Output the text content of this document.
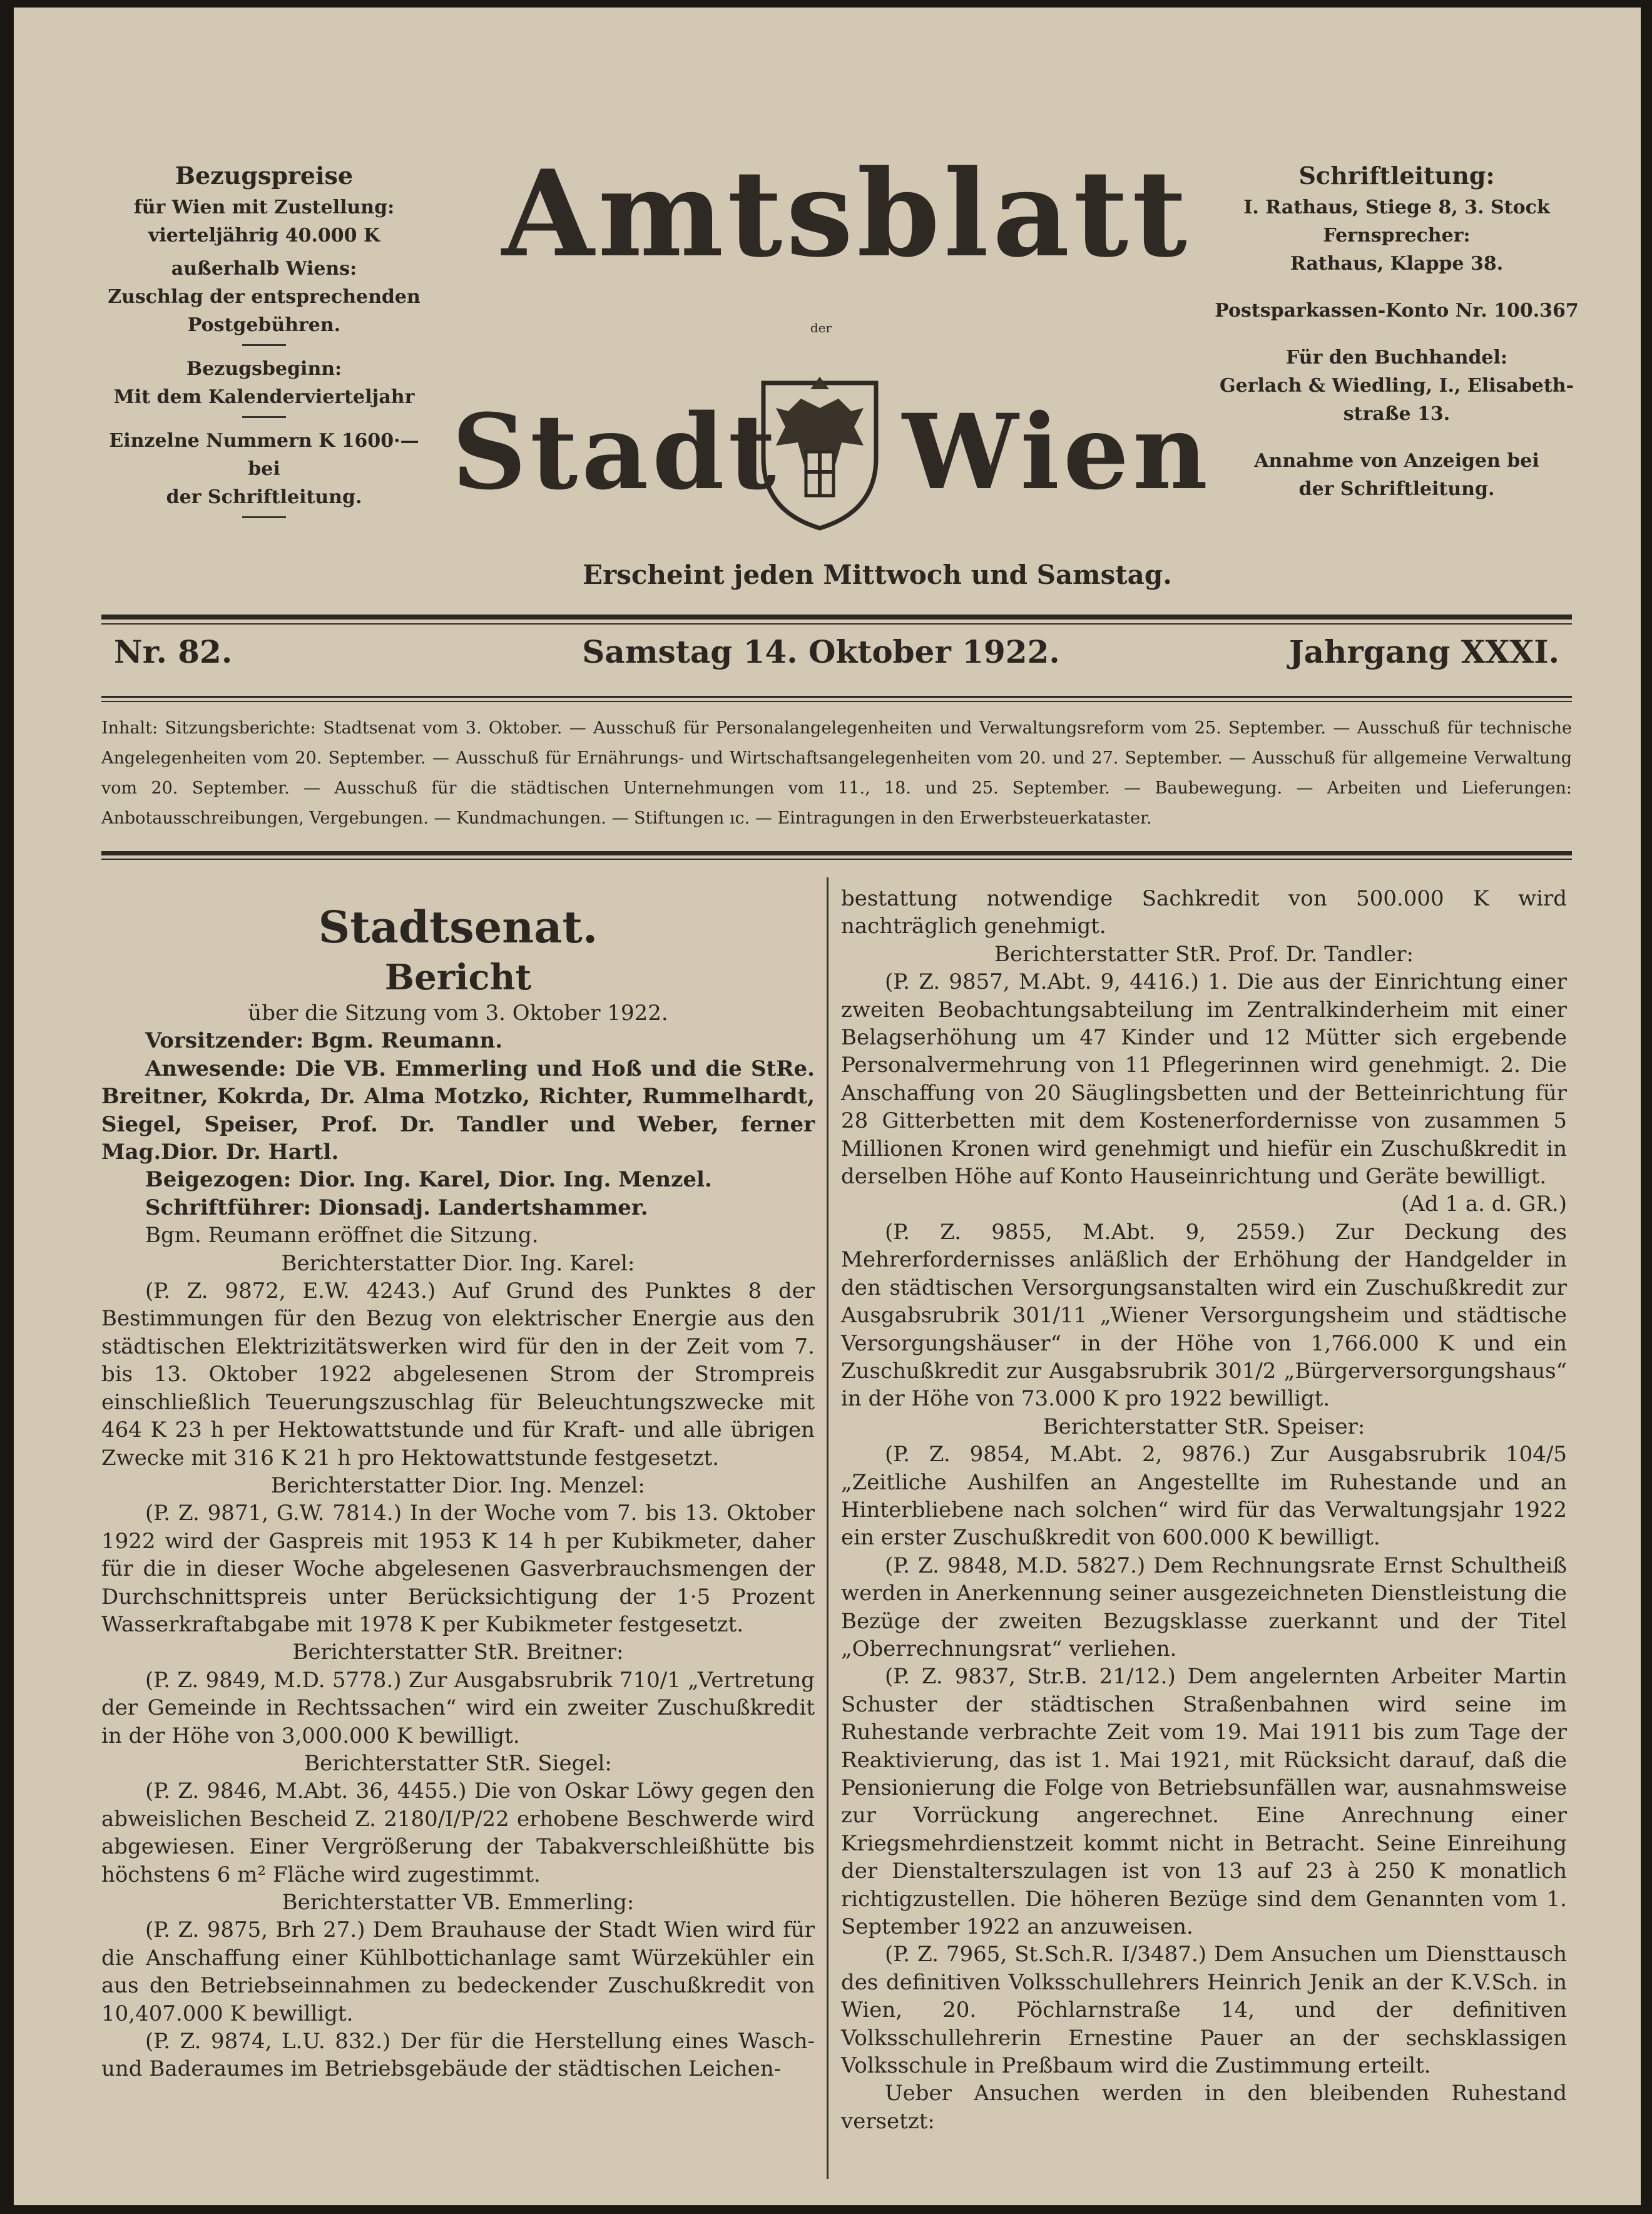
Bezugspreise
für Wien mit Zustellung:
vierteljährig 40.000 K
außerhalb Wiens:
Zuschlag der entsprechenden
Postgebühren.
Bezugsbeginn:
Mit dem Kalendervierteljahr
Einzelne Nummern K 1600·— bei
der Schriftleitung.
Amtsblatt
der
Stadt Wien
Erscheint jeden Mittwoch und Samstag.
Schriftleitung:
I. Rathaus, Stiege 8, 3. Stock
Fernsprecher:
Rathaus, Klappe 38.
Postsparkassen-Konto Nr. 100.367
Für den Buchhandel:
Gerlach & Wiedling, I., Elisabeth-
straße 13.
Annahme von Anzeigen bei
der Schriftleitung.
Nr. 82.	Samstag 14. Oktober 1922.	Jahrgang XXXI.
Inhalt: Sitzungsberichte: Stadtsenat vom 3. Oktober. — Ausschuß für Personalangelegenheiten und Verwaltungsreform vom 25. September. — Ausschuß für technische Angelegenheiten vom 20. September. — Ausschuß für Ernährungs- und Wirtschaftsangelegenheiten vom 20. und 27. September. — Ausschuß für allgemeine Verwaltung vom 20. September. — Ausschuß für die städtischen Unternehmungen vom 11., 18. und 25. September. — Baubewegung. — Arbeiten und Lieferungen: Anbotausschreibungen, Vergebungen. — Kundmachungen. — Stiftungen ıc. — Eintragungen in den Erwerbsteuerkataster.

Stadtsenat.

Bericht

über die Sitzung vom 3. Oktober 1922.

Vorsitzender: Bgm. Reumann.

Anwesende: Die VB. Emmerling und Hoß und die StRe. Breitner, Kokrda, Dr. Alma Motzko, Richter, Rummelhardt, Siegel, Speiser, Prof. Dr. Tandler und Weber, ferner Mag.Dior. Dr. Hartl.

Beigezogen: Dior. Ing. Karel, Dior. Ing. Menzel.

Schriftführer: Dionsadj. Landertshammer.

Bgm. Reumann eröffnet die Sitzung.

Berichterstatter Dior. Ing. Karel:

(P. Z. 9872, E.W. 4243.) Auf Grund des Punktes 8 der Bestimmungen für den Bezug von elektrischer Energie aus den städtischen Elektrizitätswerken wird für den in der Zeit vom 7. bis 13. Oktober 1922 abgelesenen Strom der Strompreis einschließlich Teuerungszuschlag für Beleuchtungszwecke mit 464 K 23 h per Hektowattstunde und für Kraft- und alle übrigen Zwecke mit 316 K 21 h pro Hektowattstunde festgesetzt.

Berichterstatter Dior. Ing. Menzel:

(P. Z. 9871, G.W. 7814.) In der Woche vom 7. bis 13. Oktober 1922 wird der Gaspreis mit 1953 K 14 h per Kubikmeter, daher für die in dieser Woche abgelesenen Gasverbrauchsmengen der Durchschnittspreis unter Berücksichtigung der 1·5 Prozent Wasserkraftabgabe mit 1978 K per Kubikmeter festgesetzt.

Berichterstatter StR. Breitner:

(P. Z. 9849, M.D. 5778.) Zur Ausgabsrubrik 710/1 „Vertretung der Gemeinde in Rechtssachen“ wird ein zweiter Zuschußkredit in der Höhe von 3,000.000 K bewilligt.

Berichterstatter StR. Siegel:

(P. Z. 9846, M.Abt. 36, 4455.) Die von Oskar Löwy gegen den abweislichen Bescheid Z. 2180/I/P/22 erhobene Beschwerde wird abgewiesen. Einer Vergrößerung der Tabakverschleißhütte bis höchstens 6 m² Fläche wird zugestimmt.

Berichterstatter VB. Emmerling:

(P. Z. 9875, Brh 27.) Dem Brauhause der Stadt Wien wird für die Anschaffung einer Kühlbottichanlage samt Würzekühler ein aus den Betriebseinnahmen zu bedeckender Zuschußkredit von 10,407.000 K bewilligt.

(P. Z. 9874, L.U. 832.) Der für die Herstellung eines Wasch- und Baderaumes im Betriebsgebäude der städtischen Leichen-

bestattung notwendige Sachkredit von 500.000 K wird nachträglich genehmigt.

Berichterstatter StR. Prof. Dr. Tandler:

(P. Z. 9857, M.Abt. 9, 4416.) 1. Die aus der Einrichtung einer zweiten Beobachtungsabteilung im Zentralkinderheim mit einer Belagserhöhung um 47 Kinder und 12 Mütter sich ergebende Personalvermehrung von 11 Pflegerinnen wird genehmigt. 2. Die Anschaffung von 20 Säuglingsbetten und der Betteinrichtung für 28 Gitterbetten mit dem Kostenerfordernisse von zusammen 5 Millionen Kronen wird genehmigt und hiefür ein Zuschußkredit in derselben Höhe auf Konto Hauseinrichtung und Geräte bewilligt.

(Ad 1 a. d. GR.)

(P. Z. 9855, M.Abt. 9, 2559.) Zur Deckung des Mehrerfordernisses anläßlich der Erhöhung der Handgelder in den städtischen Versorgungsanstalten wird ein Zuschußkredit zur Ausgabsrubrik 301/11 „Wiener Versorgungsheim und städtische Versorgungshäuser“ in der Höhe von 1,766.000 K und ein Zuschußkredit zur Ausgabsrubrik 301/2 „Bürgerversorgungshaus“ in der Höhe von 73.000 K pro 1922 bewilligt.

Berichterstatter StR. Speiser:

(P. Z. 9854, M.Abt. 2, 9876.) Zur Ausgabsrubrik 104/5 „Zeitliche Aushilfen an Angestellte im Ruhestande und an Hinterbliebene nach solchen“ wird für das Verwaltungsjahr 1922 ein erster Zuschußkredit von 600.000 K bewilligt.

(P. Z. 9848, M.D. 5827.) Dem Rechnungsrate Ernst Schultheiß werden in Anerkennung seiner ausgezeichneten Dienstleistung die Bezüge der zweiten Bezugsklasse zuerkannt und der Titel „Oberrechnungsrat“ verliehen.

(P. Z. 9837, Str.B. 21/12.) Dem angelernten Arbeiter Martin Schuster der städtischen Straßenbahnen wird seine im Ruhestande verbrachte Zeit vom 19. Mai 1911 bis zum Tage der Reaktivierung, das ist 1. Mai 1921, mit Rücksicht darauf, daß die Pensionierung die Folge von Betriebsunfällen war, ausnahmsweise zur Vorrückung angerechnet. Eine Anrechnung einer Kriegsmehrdienstzeit kommt nicht in Betracht. Seine Einreihung der Dienstalterszulagen ist von 13 auf 23 à 250 K monatlich richtigzustellen. Die höheren Bezüge sind dem Genannten vom 1. September 1922 an anzuweisen.

(P. Z. 7965, St.Sch.R. I/3487.) Dem Ansuchen um Diensttausch des definitiven Volksschullehrers Heinrich Jenik an der K.V.Sch. in Wien, 20. Pöchlarnstraße 14, und der definitiven Volksschullehrerin Ernestine Pauer an der sechsklassigen Volksschule in Preßbaum wird die Zustimmung erteilt.

Ueber Ansuchen werden in den bleibenden Ruhestand versetzt:
